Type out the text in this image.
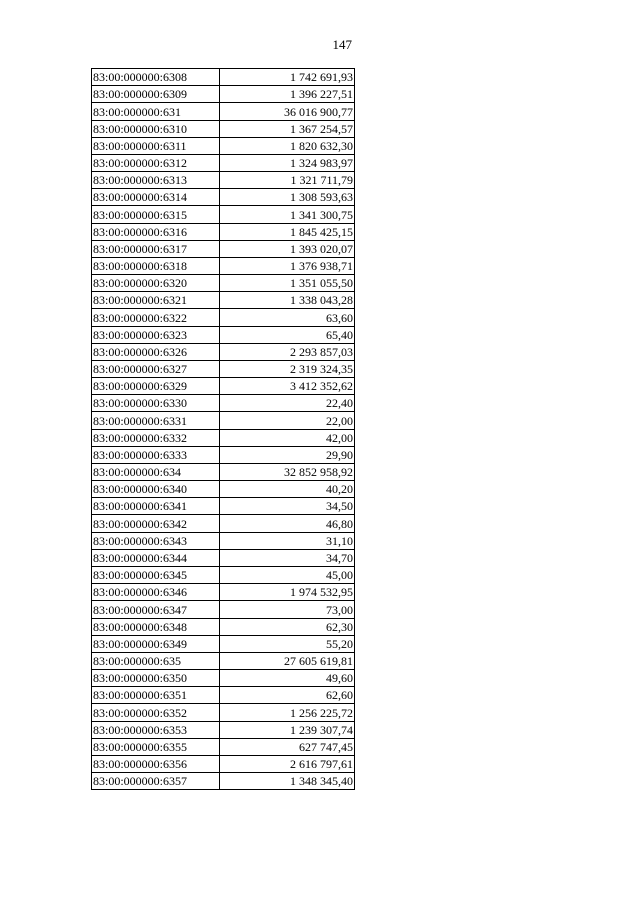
147
83:00:000000:6308	1 742 691,93
83:00:000000:6309	1 396 227,51
83:00:000000:631	36 016 900,77
83:00:000000:6310	1 367 254,57
83:00:000000:6311	1 820 632,30
83:00:000000:6312	1 324 983,97
83:00:000000:6313	1 321 711,79
83:00:000000:6314	1 308 593,63
83:00:000000:6315	1 341 300,75
83:00:000000:6316	1 845 425,15
83:00:000000:6317	1 393 020,07
83:00:000000:6318	1 376 938,71
83:00:000000:6320	1 351 055,50
83:00:000000:6321	1 338 043,28
83:00:000000:6322	63,60
83:00:000000:6323	65,40
83:00:000000:6326	2 293 857,03
83:00:000000:6327	2 319 324,35
83:00:000000:6329	3 412 352,62
83:00:000000:6330	22,40
83:00:000000:6331	22,00
83:00:000000:6332	42,00
83:00:000000:6333	29,90
83:00:000000:634	32 852 958,92
83:00:000000:6340	40,20
83:00:000000:6341	34,50
83:00:000000:6342	46,80
83:00:000000:6343	31,10
83:00:000000:6344	34,70
83:00:000000:6345	45,00
83:00:000000:6346	1 974 532,95
83:00:000000:6347	73,00
83:00:000000:6348	62,30
83:00:000000:6349	55,20
83:00:000000:635	27 605 619,81
83:00:000000:6350	49,60
83:00:000000:6351	62,60
83:00:000000:6352	1 256 225,72
83:00:000000:6353	1 239 307,74
83:00:000000:6355	627 747,45
83:00:000000:6356	2 616 797,61
83:00:000000:6357	1 348 345,40
